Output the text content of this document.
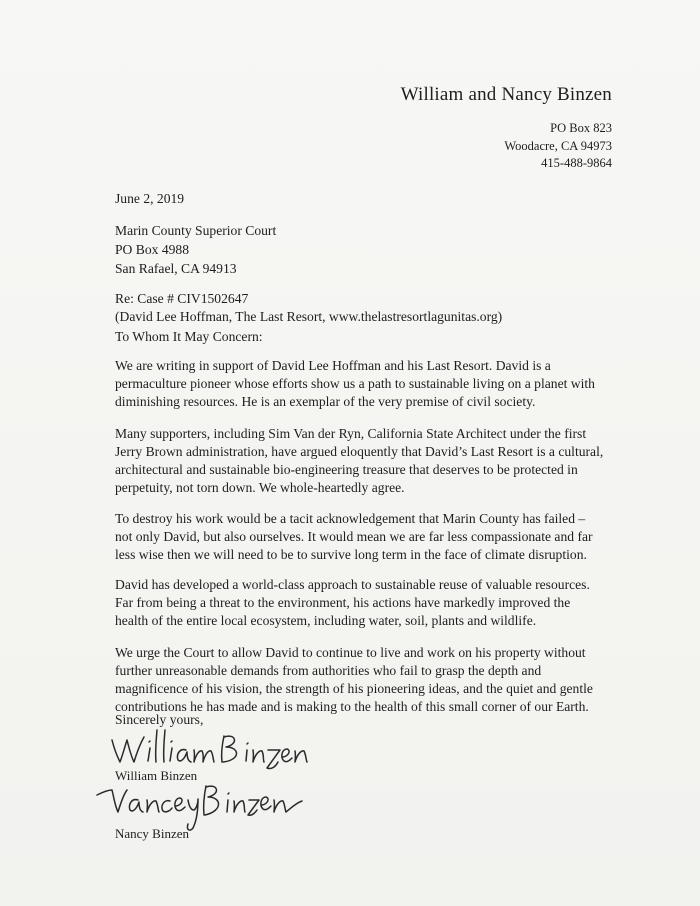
William and Nancy Binzen
PO Box 823
Woodacre, CA 94973
415-488-9864
June 2, 2019
Marin County Superior Court
PO Box 4988
San Rafael, CA 94913
Re: Case # CIV1502647
(David Lee Hoffman, The Last Resort, www.thelastresortlagunitas.org)
To Whom It May Concern:
We are writing in support of David Lee Hoffman and his Last Resort. David is a
permaculture pioneer whose efforts show us a path to sustainable living on a planet with
diminishing resources. He is an exemplar of the very premise of civil society.
Many supporters, including Sim Van der Ryn, California State Architect under the first
Jerry Brown administration, have argued eloquently that David’s Last Resort is a cultural,
architectural and sustainable bio-engineering treasure that deserves to be protected in
perpetuity, not torn down. We whole-heartedly agree.
To destroy his work would be a tacit acknowledgement that Marin County has failed –
not only David, but also ourselves. It would mean we are far less compassionate and far
less wise then we will need to be to survive long term in the face of climate disruption.
David has developed a world-class approach to sustainable reuse of valuable resources.
Far from being a threat to the environment, his actions have markedly improved the
health of the entire local ecosystem, including water, soil, plants and wildlife.
We urge the Court to allow David to continue to live and work on his property without
further unreasonable demands from authorities who fail to grasp the depth and
magnificence of his vision, the strength of his pioneering ideas, and the quiet and gentle
contributions he has made and is making to the health of this small corner of our Earth.
Sincerely yours,
William Binzen
Nancy Binzen
